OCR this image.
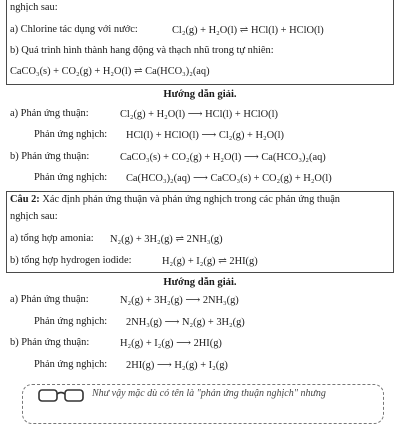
nghịch sau:
a) Chlorine tác dụng với nước:	Cl₂(g) + H₂O(l) ⇌ HCl(l) + HClO(l)
b) Quá trình hình thành hang động và thạch nhũ trong tự nhiên:
CaCO₃(s) + CO₂(g) + H₂O(l) ⇌ Ca(HCO₃)₂(aq)
Hướng dẫn giải.
a) Phản ứng thuận:	Cl₂(g) + H₂O(l) ⟶ HCl(l) + HClO(l)
Phản ứng nghịch: HCl(l) + HClO(l) ⟶ Cl₂(g) + H₂O(l)
b) Phản ứng thuận:	CaCO₃(s) + CO₂(g) + H₂O(l) ⟶ Ca(HCO₃)₂(aq)
Phản ứng nghịch: Ca(HCO₃)₂(aq) ⟶ CaCO₃(s) + CO₂(g) + H₂O(l)
Câu 2: Xác định phản ứng thuận và phản ứng nghịch trong các phản ứng thuận
nghịch sau:
a) tổng hợp amonia: N₂(g) + 3H₂(g) ⇌ 2NH₃(g)
b) tổng hợp hydrogen iodide:	H₂(g) + I₂(g) ⇌ 2HI(g)
Hướng dẫn giải.
a) Phản ứng thuận:	N₂(g) + 3H₂(g) ⟶ 2NH₃(g)
Phản ứng nghịch: 2NH₃(g) ⟶ N₂(g) + 3H₂(g)
b) Phản ứng thuận:	H₂(g) + I₂(g) ⟶ 2HI(g)
Phản ứng nghịch: 2HI(g) ⟶ H₂(g) + I₂(g)
Như vậy mặc dù có tên là "phản ứng thuận nghịch" nhưng
